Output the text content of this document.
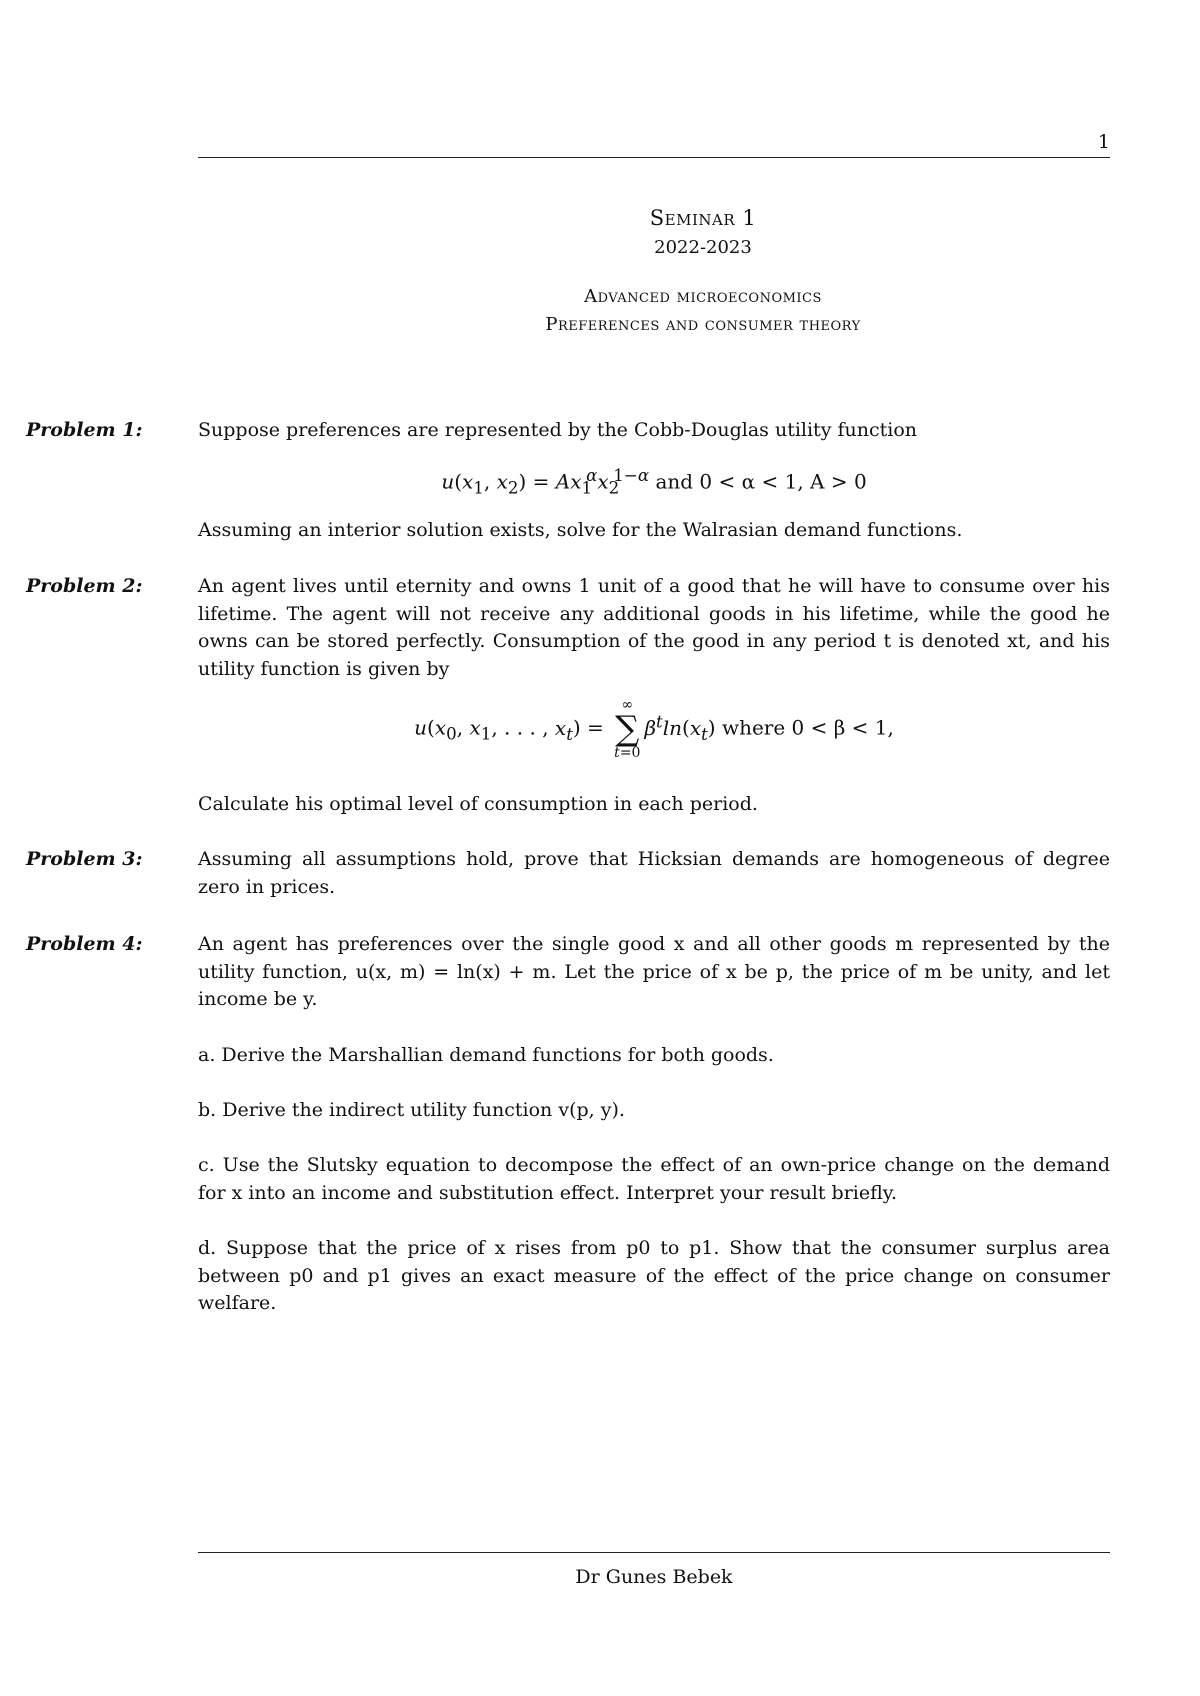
1
Seminar 1
2022-2023
Advanced microeconomics
Preferences and consumer theory
Problem 1:	Suppose preferences are represented by the Cobb-Douglas utility function
$u(x_1$, $x_2) = Ax_1^\alpha x_2^{1-\alpha}$ and 0 < α < 1, A > 0
Assuming an interior solution exists, solve for the Walrasian demand functions.
Problem 2:	An agent lives until eternity and owns 1 unit of a good that he will have to consume over his lifetime. The agent will not receive any additional goods in his lifetime, while the good he owns can be stored perfectly. Consumption of the good in any period t is denoted xt, and his utility function is given by
$u(x_0$, $x_1$, . . . , $x_t$) =
∞
∑
t=0
$\beta^t\ln(x_t)$ where 0 < β < 1,
Calculate his optimal level of consumption in each period.
Problem 3:	Assuming all assumptions hold, prove that Hicksian demands are homogeneous of degree zero in prices.
Problem 4:	An agent has preferences over the single good x and all other goods m represented by the utility function, u(x, m) = ln(x) + m. Let the price of x be p, the price of m be unity, and let income be y.
a. Derive the Marshallian demand functions for both goods.
b. Derive the indirect utility function v(p, y).
c. Use the Slutsky equation to decompose the effect of an own-price change on the demand for x into an income and substitution effect. Interpret your result briefly.
d. Suppose that the price of x rises from p0 to p1. Show that the consumer surplus area between p0 and p1 gives an exact measure of the effect of the price change on consumer welfare.
Dr Gunes Bebek
